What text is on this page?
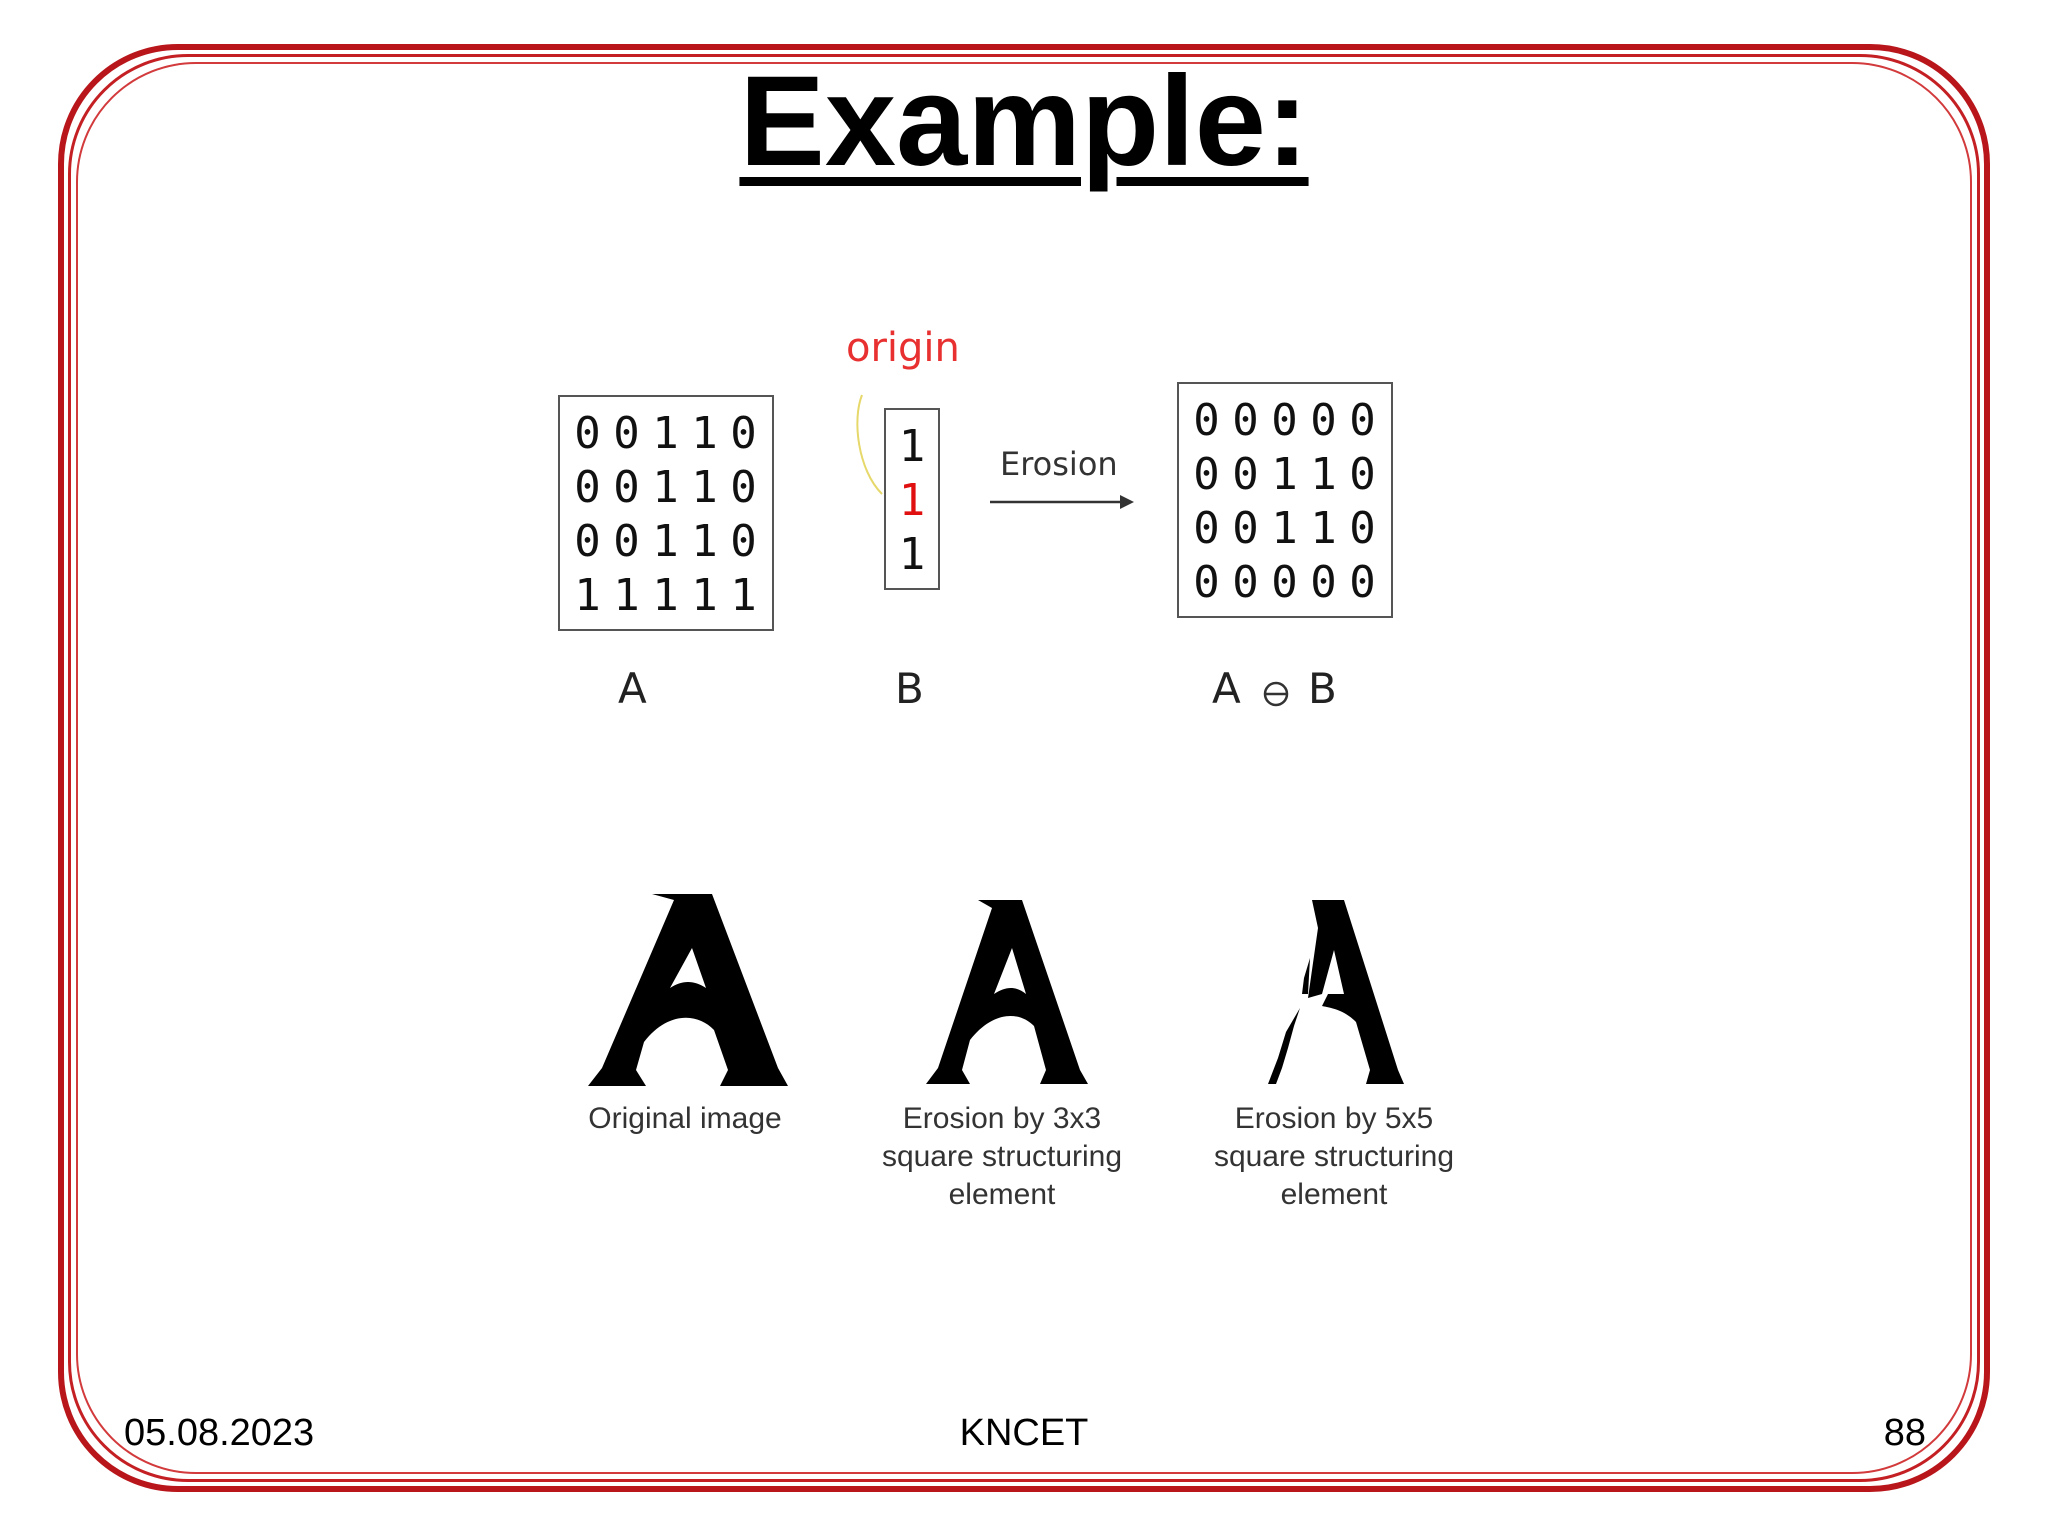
Example:
origin
0 0 1 1 0
0 0 1 1 0
0 0 1 1 0
1 1 1 1 1
1
1
1
0 0 0 0 0
0 0 1 1 0
0 0 1 1 0
0 0 0 0 0
Erosion
A	B	A B
Original image	Erosion by 3x3
square structuring
element
Erosion by 5x5
square structuring
element
05.08.2023	KNCET	88
